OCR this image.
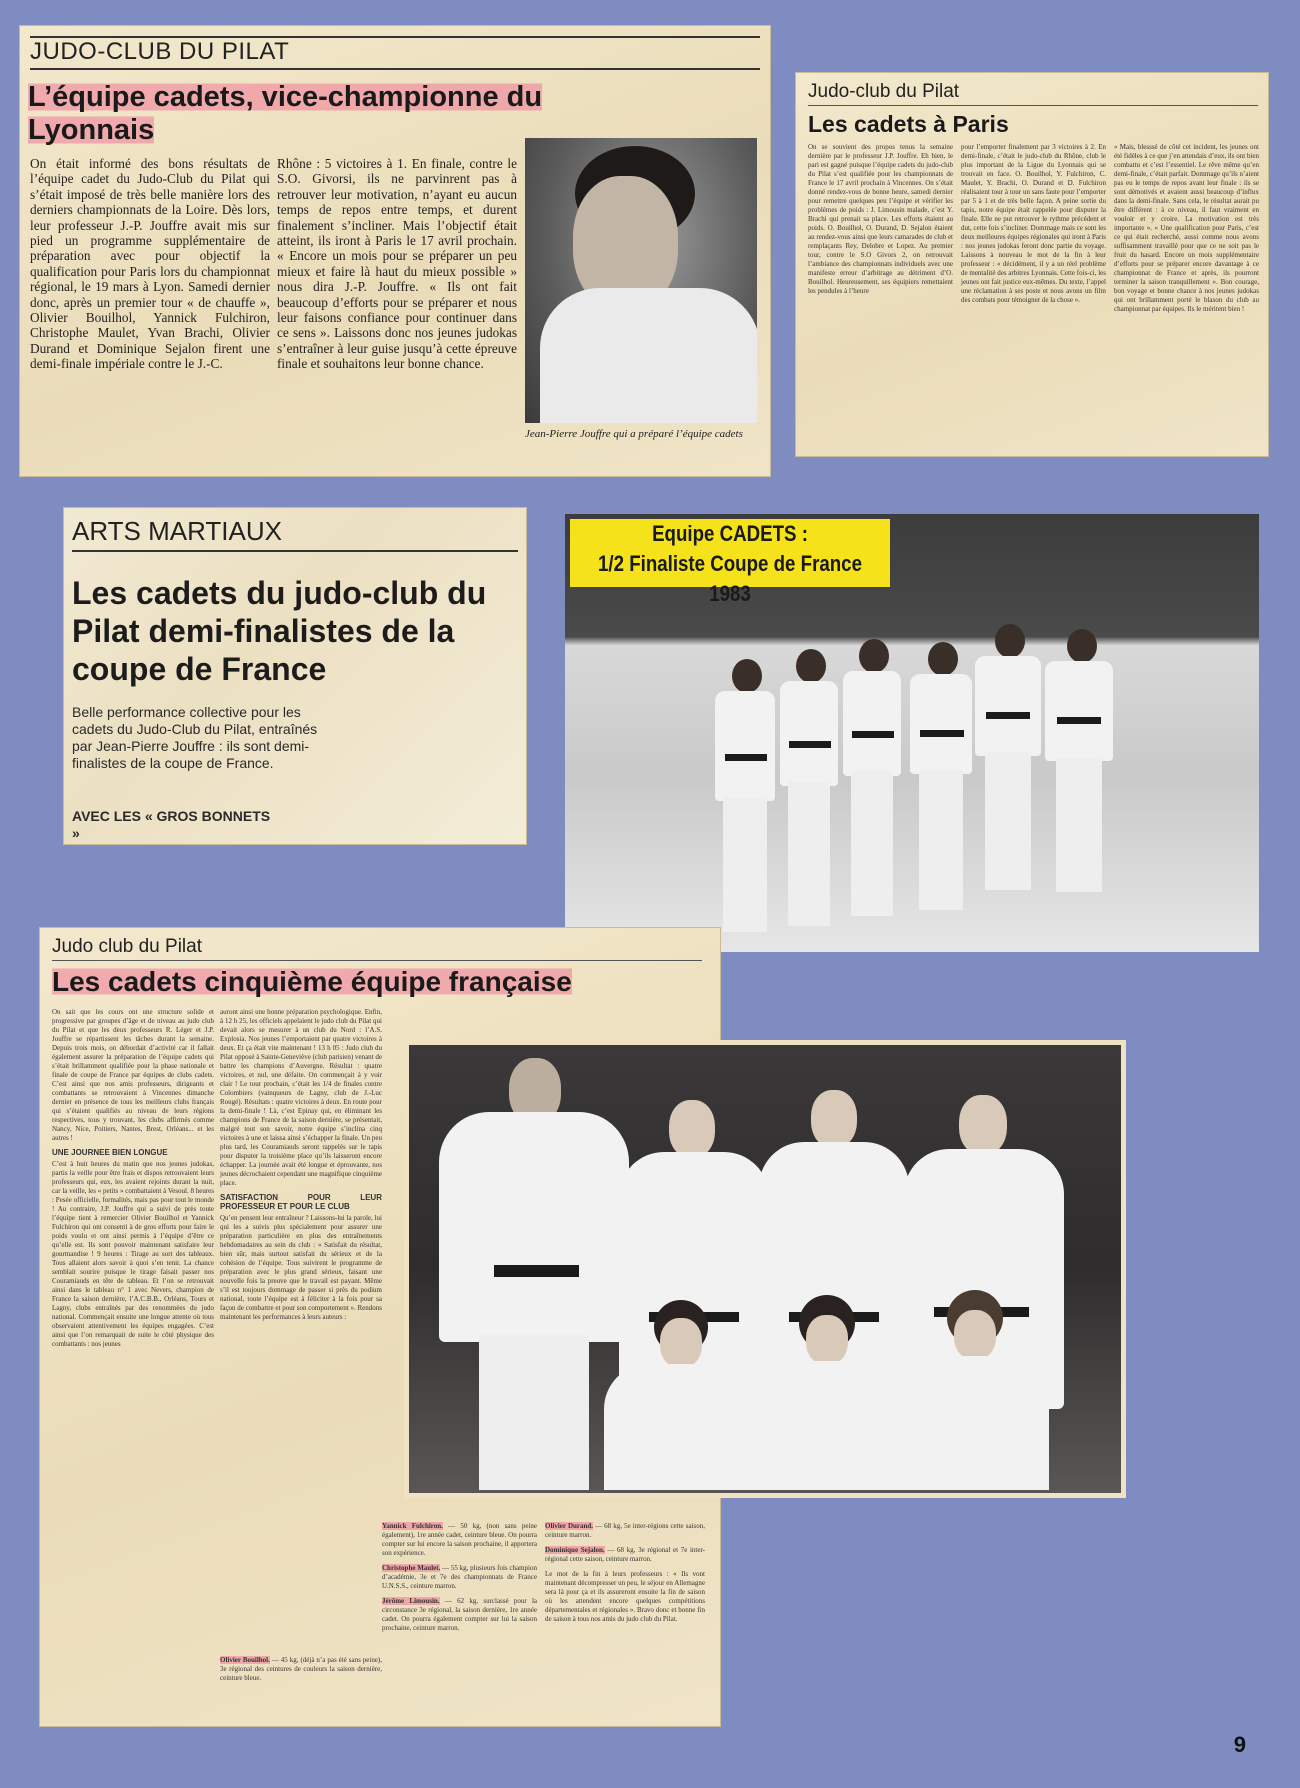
JUDO-CLUB DU PILAT
L’équipe cadets, vice-championne du Lyonnais
On était informé des bons résultats de l’équipe cadet du Judo-Club du Pilat qui s’était imposé de très belle manière lors des derniers championnats de la Loire. Dès lors, leur professeur J.-P. Jouffre avait mis sur pied un programme supplémentaire de préparation avec pour objectif la qualification pour Paris lors du championnat régional, le 19 mars à Lyon. Samedi dernier donc, après un premier tour « de chauffe », Olivier Bouilhol, Yannick Fulchiron, Christophe Maulet, Yvan Brachi, Olivier Durand et Dominique Sejalon firent une demi-finale impériale contre le J.-C.
Rhône : 5 victoires à 1. En finale, contre le S.O. Givorsi, ils ne parvinrent pas à retrouver leur motivation, n’ayant eu aucun temps de repos entre temps, et durent finalement s’incliner. Mais l’objectif était atteint, ils iront à Paris le 17 avril prochain. « Encore un mois pour se préparer un peu mieux et faire là haut du mieux possible » nous dira J.-P. Jouffre. « Ils ont fait beaucoup d’efforts pour se préparer et nous leur faisons confiance pour continuer dans ce sens ». Laissons donc nos jeunes judokas s’entraîner à leur guise jusqu’à cette épreuve finale et souhaitons leur bonne chance.
Jean-Pierre Jouffre qui a préparé l’équipe cadets
Judo-club du Pilat
Les cadets à Paris
On se souvient des propos tenus la semaine dernière par le professeur J.P. Jouffre. Eh bien, le pari est gagné puisque l’équipe cadets du judo-club du Pilat s’est qualifiée pour les championnats de France le 17 avril prochain à Vincennes. On s’était donné rendez-vous de bonne heure, samedi dernier pour remettre quelques peu l’équipe et vérifier les problèmes de poids : J. Limousin malade, c’est Y. Brachi qui prenait sa place. Les efforts étaient au poids. O. Bouilhol, O. Durand, D. Sejalon étaient au rendez-vous ainsi que leurs camarades de club et remplaçants Rey, Delobre et Lopez. Au premier tour, contre le S.O Givors 2, on retrouvait l’ambiance des championnats individuels avec une manifeste erreur d’arbitrage au détriment d’O. Bouilhol. Heureusement, ses équipiers remettaient les pendules à l’heure
pour l’emporter finalement par 3 victoires à 2. En demi-finale, c’était le judo-club du Rhône, club le plus important de la Ligue du Lyonnais qui se trouvait en face. O. Bouilhol, Y. Fulchiron, C. Maulet, Y. Brachi, O. Durand et D. Fulchiron réalisaient tour à tour un sans faute pour l’emporter par 5 à 1 et de très belle façon. A peine sortie du tapis, notre équipe était rappelée pour disputer la finale. Elle ne put retrouver le rythme précédent et dut, cette fois s’incliner. Dommage mais ce sont les deux meilleures équipes régionales qui iront à Paris : nos jeunes judokas feront donc partie du voyage. Laissons à nouveau le mot de la fin à leur professeur : « décidément, il y a un réel problème de mentalité des arbitres Lyonnais. Cette fois-ci, les jeunes ont fait justice eux-mêmes. Du texte, l’appel une réclamation à ses poste et nous avons un film des combats pour témoigner de la chose ».
« Mais, blesssé de côté cet incident, les jeunes ont été fidèles à ce que j’en attendais d’eux, ils ont bien combattu et c’est l’essentiel. Le rêve même qu’en demi-finale, c’était parfait. Dommage qu’ils n’aient pas eu le temps de repos avant leur finale : ils se sont démotivés et avaient aussi beaucoup d’influx dans la demi-finale. Sans cela, le résultat aurait pu être différent : à ce niveau, il faut vraiment en vouloir et y croire. La motivation est très importante ». « Une qualification pour Paris, c’est ce qui était recherché, aussi comme nous avons suffisamment travaillé pour que ce ne soit pas le fruit du hasard. Encore un mois supplémentaire d’efforts pour se préparer encore davantage à ce championnat de France et après, ils pourront terminer la saison tranquillement ». Bon courage, bon voyage et bonne chance à nos jeunes judokas qui ont brillamment porté le blason du club au championnat par équipes. Ils le méritent bien !
ARTS MARTIAUX
Les cadets du judo-club du Pilat demi-finalistes de la coupe de France
Belle performance collective pour les cadets du Judo-Club du Pilat, entraînés par Jean-Pierre Jouffre : ils sont demi-finalistes de la coupe de France.
AVEC LES « GROS BONNETS »
Equipe CADETS :
1/2 Finaliste Coupe de France 1983
Judo club du Pilat
Les cadets cinquième équipe française
On sait que les cours ont une structure solide et progressive par groupes d’âge et de niveau au judo club du Pilat et que les deux professeurs R. Léger et J.P. Jouffre se répartissent les tâches durant la semaine. Depuis trois mois, on débordait d’activité car il fallait également assurer la préparation de l’équipe cadets qui s’était brillamment qualifiée pour la phase nationale et finale de coupe de France par équipes de clubs cadets. C’est ainsi que nos amis professeurs, dirigeants et combattants se retrouvaient à Vincennes dimanche dernier en présence de tous les meilleurs clubs français qui s’étaient qualifiés au niveau de leurs régions respectives, tous y trouvant, les clubs affirmés comme Nancy, Nice, Poitiers, Nantes, Brest, Orléans... et les autres !
UNE JOURNEE BIEN LONGUE
C’est à huit heures du matin que nos jeunes judokas, partis la veille pour être frais et dispos retrouvaient leurs professeurs qui, eux, les avaient rejoints durant la nuit, car la veille, les « petits » combattaient à Vesoul. 8 heures : Pesée officielle, formalités, mais pas pour tout le monde ! Au contraire, J.P. Jouffre qui a suivi de près toute l’équipe tient à remercier Olivier Bouilhol et Yannick Fulchiron qui ont consenti à de gros efforts pour faire le poids voulu et ont ainsi permis à l’équipe d’être ce qu’elle est. Ils sont pouvoir maintenant satisfaire leur gourmandise ! 9 heures : Tirage au sort des tableaux. Tous allaient alors savoir à quoi s’en tenir. La chance semblait sourire puisque le tirage faisait passer nos Couramiauds en tête de tableau. Et l’on se retrouvait ainsi dans le tableau n° 1 avec Nevers, champion de France la saison dernière, l’A.C.B.B., Orléans, Tours et Lagny, clubs entraînés par des renommées du judo national. Commençait ensuite une longue attente où tous observaient attentivement les équipes engagées. C’est ainsi que l’on remarquait de suite le côté physique des combattants : nos jeunes
auront ainsi une bonne préparation psychologique. Enfin, à 12 h 25, les officiels appelaient le judo club du Pilat qui devait alors se mesurer à un club du Nord : l’A.S. Explosia. Nos jeunes l’emportaient par quatre victoires à deux. Et ça était vite maintenant ! 13 h 05 : Judo club du Pilat opposé à Sainte-Geneviève (club parisien) venant de battre les champions d’Auvergne. Résultat : quatre victoires, et nul, une défaite. On commençait à y voir clair ! Le tour prochain, c’était les 1/4 de finales contre Colombiers (vainqueurs de Lagny, club de J.-Luc Rougé). Résultats : quatre victoires à deux. En route pour la demi-finale ! Là, c’est Epinay qui, en éliminant les champions de France de la saison dernière, se présentait, malgré tout son savoir, notre équipe s’inclina cinq victoires à une et laissa ainsi s’échapper la finale. Un peu plus tard, les Couramiauds seront rappelés sur le tapis pour disputer la troisième place qu’ils laisseront encore échapper. La journée avait été longue et éprouvante, nos jeunes décrochaient cependant une magnifique cinquième place.
SATISFACTION POUR LEUR PROFESSEUR ET POUR LE CLUB
Qu’en pensent leur entraîneur ? Laissons-lui la parole, lui qui les a suivis plus spécialement pour assurer une préparation particulière en plus des entraînements hebdomadaires au sein du club : « Satisfait du résultat, bien sûr, mais surtout satisfait du sérieux et de la cohésion de l’équipe. Tous suivirent le programme de préparation avec le plus grand sérieux, faisant une nouvelle fois la preuve que le travail est payant. Même s’il est toujours dommage de passer si près du podium national, toute l’équipe est à féliciter à la fois pour sa façon de combattre et pour son comportement ». Rendons maintenant les performances à leurs auteurs :
Yannick Fulchiron. — 50 kg, (non sans peine également), 1re année cadet, ceinture bleue. On pourra compter sur lui encore la saison prochaine, il apportera son expérience.
Christophe Maulet. — 55 kg, plusieurs fois champion d’académie, 3e et 7e des championnats de France U.N.S.S., ceinture marron.
Jérôme Limousin. — 62 kg, surclassé pour la circonstance 3e régional, la saison dernière, 1re année cadet. On pourra également compter sur lui la saison prochaine, ceinture marron.
Olivier Durand. — 68 kg, 5e inter-régions cette saison, ceinture marron.
Dominique Sejalon. — 68 kg, 3e régional et 7e inter-régional cette saison, ceinture marron.
Le mot de la fin à leurs professeurs : « Ils vont maintenant décompresser un peu, le séjour en Allemagne sera là pour ça et ils assureront ensuite la fin de saison où les attendent encore quelques compétitions départementales et régionales ». Bravo donc et bonne fin de saison à tous nos amis du judo club du Pilat.
Olivier Bouilhol. — 45 kg, (déjà n’a pas été sans peine), 3e régional des ceintures de couleurs la saison dernière, ceinture bleue.
9
